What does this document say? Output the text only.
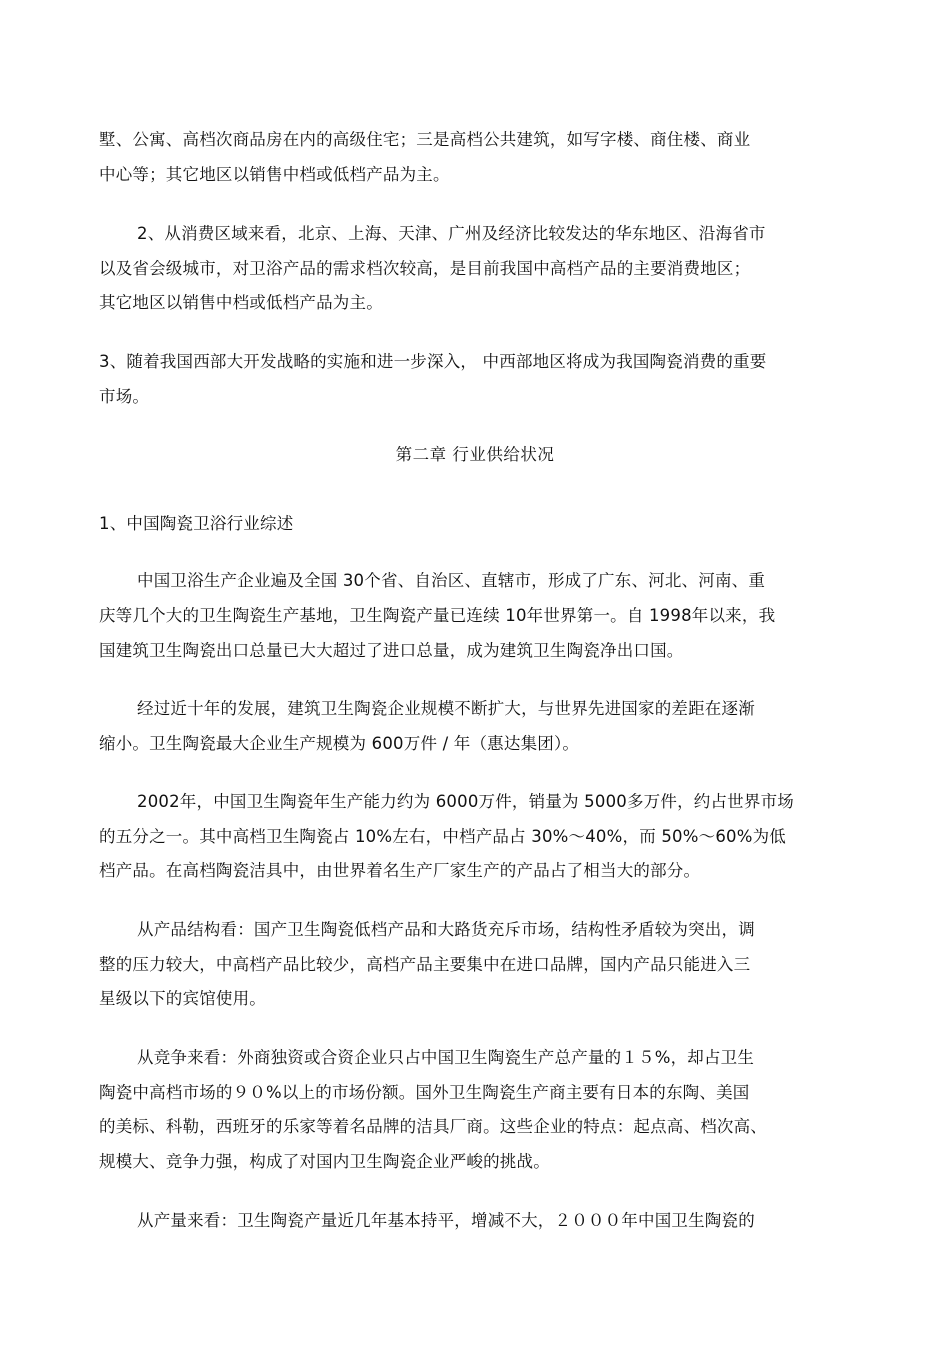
墅、公寓、高档次商品房在内的高级住宅；三是高档公共建筑，如写字楼、商住楼、商业
中心等；其它地区以销售中档或低档产品为主。
2、从消费区域来看，北京、上海、天津、广州及经济比较发达的华东地区、沿海省市
以及省会级城市，对卫浴产品的需求档次较高，是目前我国中高档产品的主要消费地区；
其它地区以销售中档或低档产品为主。
3、随着我国西部大开发战略的实施和进一步深入， 中西部地区将成为我国陶瓷消费的重要
市场。
第二章 行业供给状况
1、中国陶瓷卫浴行业综述
中国卫浴生产企业遍及全国 30个省、自治区、直辖市，形成了广东、河北、河南、重
庆等几个大的卫生陶瓷生产基地，卫生陶瓷产量已连续 10年世界第一。自 1998年以来，我
国建筑卫生陶瓷出口总量已大大超过了进口总量，成为建筑卫生陶瓷净出口国。
经过近十年的发展，建筑卫生陶瓷企业规模不断扩大，与世界先进国家的差距在逐渐
缩小。卫生陶瓷最大企业生产规模为 600万件 / 年（惠达集团）。
2002年，中国卫生陶瓷年生产能力约为 6000万件，销量为 5000多万件，约占世界市场
的五分之一。其中高档卫生陶瓷占 10%左右，中档产品占 30%～40%，而 50%～60%为低
档产品。在高档陶瓷洁具中，由世界着名生产厂家生产的产品占了相当大的部分。
从产品结构看：国产卫生陶瓷低档产品和大路货充斥市场，结构性矛盾较为突出，调
整的压力较大，中高档产品比较少，高档产品主要集中在进口品牌，国内产品只能进入三
星级以下的宾馆使用。
从竞争来看：外商独资或合资企业只占中国卫生陶瓷生产总产量的１５%，却占卫生
陶瓷中高档市场的９０%以上的市场份额。国外卫生陶瓷生产商主要有日本的东陶、美国
的美标、科勒，西班牙的乐家等着名品牌的洁具厂商。这些企业的特点：起点高、档次高、
规模大、竞争力强，构成了对国内卫生陶瓷企业严峻的挑战。
从产量来看：卫生陶瓷产量近几年基本持平，增减不大，２０００年中国卫生陶瓷的
